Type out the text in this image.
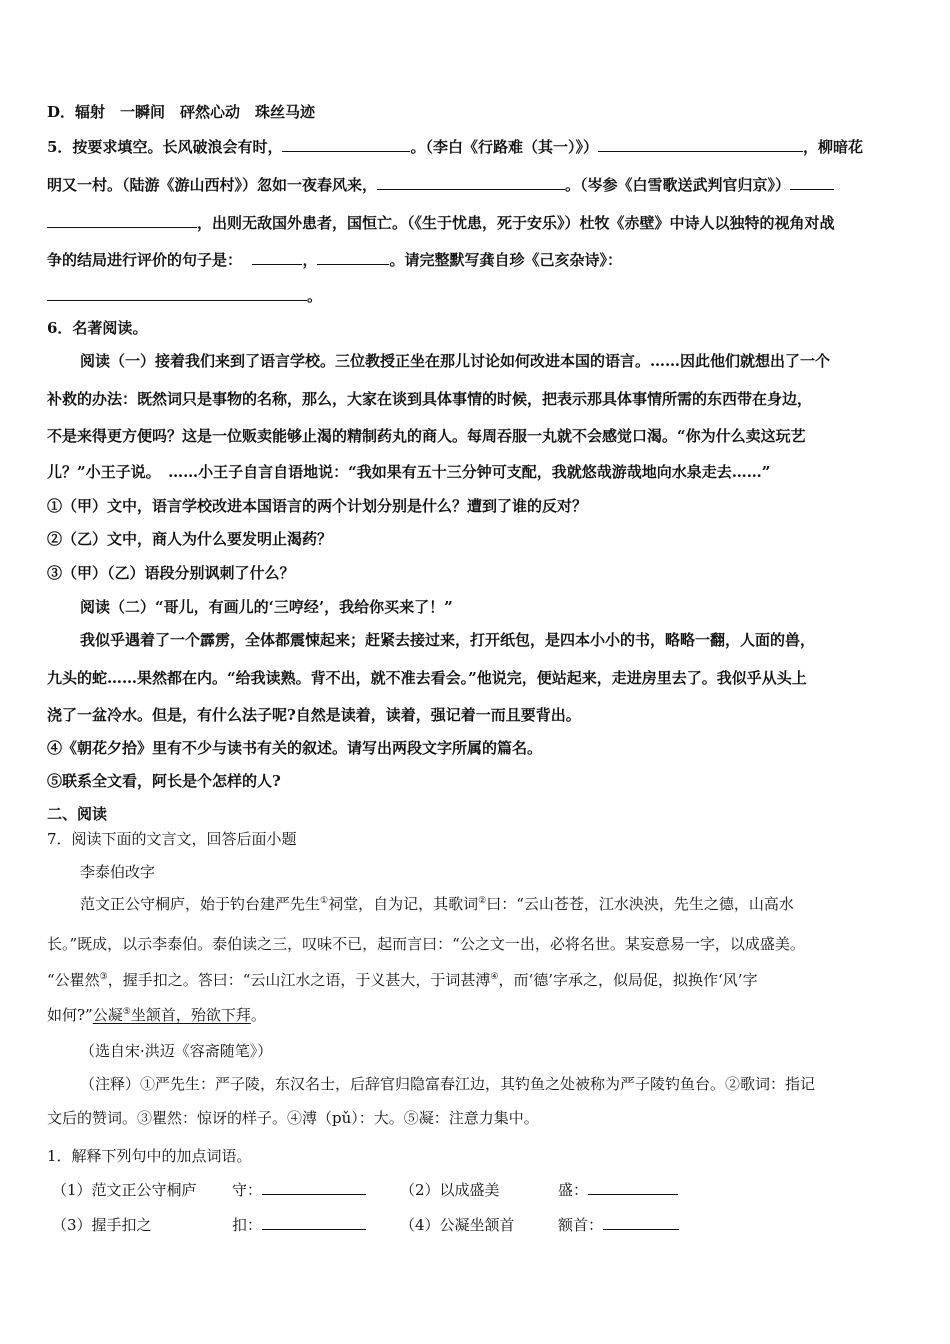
D．辐射　一瞬间　砰然心动　珠丝马迹
5．按要求填空。长风破浪会有时，	。（李白《行路难（其一）》）	，柳暗花
明又一村。（陆游《游山西村》）忽如一夜春风来，	。（岑参《白雪歌送武判官归京》）
，出则无敌国外患者，国恒亡。（《生于忧患，死于安乐》）杜牧《赤壁》中诗人以独特的视角对战
争的结局进行评价的句子是：	，	。请完整默写龚自珍《己亥杂诗》：
。
6．名著阅读。
阅读（一）接着我们来到了语言学校。三位教授正坐在那儿讨论如何改进本国的语言。……因此他们就想出了一个
补救的办法：既然词只是事物的名称，那么，大家在谈到具体事情的时候，把表示那具体事情所需的东西带在身边，
不是来得更方便吗？这是一位贩卖能够止渴的精制药丸的商人。每周吞服一丸就不会感觉口渴。“你为什么卖这玩艺
儿？”小王子说。　……小王子自言自语地说：“我如果有五十三分钟可支配，我就悠哉游哉地向水泉走去……”
①（甲）文中，语言学校改进本国语言的两个计划分别是什么？遭到了谁的反对？
②（乙）文中，商人为什么要发明止渴药？
③（甲）（乙）语段分别讽刺了什么？
阅读（二）“哥儿，有画儿的‘三哼经’，我给你买来了！”
我似乎遇着了一个霹雳，全体都震悚起来；赶紧去接过来，打开纸包，是四本小小的书，略略一翻，人面的兽，
九头的蛇……果然都在内。“给我读熟。背不出，就不准去看会。”他说完，便站起来，走进房里去了。我似乎从头上
浇了一盆冷水。但是，有什么法子呢?自然是读着，读着，强记着一而且要背出。
④《朝花夕拾》里有不少与读书有关的叙述。请写出两段文字所属的篇名。
⑤联系全文看，阿长是个怎样的人?
二、阅读
7．阅读下面的文言文，回答后面小题
李泰伯改字
范文正公守桐庐，始于钓台建严先生①祠堂，自为记，其歌词②曰：“云山苍苍，江水泱泱，先生之德，山高水
长。”既成，以示李泰伯。泰伯读之三，叹味不已，起而言曰：“公之文一出，必将名世。某妄意易一字，以成盛美。
“公瞿然③，握手扣之。答曰：“云山江水之语，于义甚大，于词甚溥④，而‘德’字承之，似局促，拟换作‘风’字
如何?”公凝⑤坐颔首，殆欲下拜。
（选自宋·洪迈《容斋随笔》）
（注释）①严先生：严子陵，东汉名士，后辞官归隐富春江边，其钓鱼之处被称为严子陵钓鱼台。②歌词：指记
文后的赞词。③瞿然：惊讶的样子。④溥（pǔ）：大。⑤凝：注意力集中。
1．解释下列句中的加点词语。
（1）范文正公守桐庐 守：	（2）以成盛美	盛：
（3）握手扣之	扣：	（4）公凝坐颔首	额首：
